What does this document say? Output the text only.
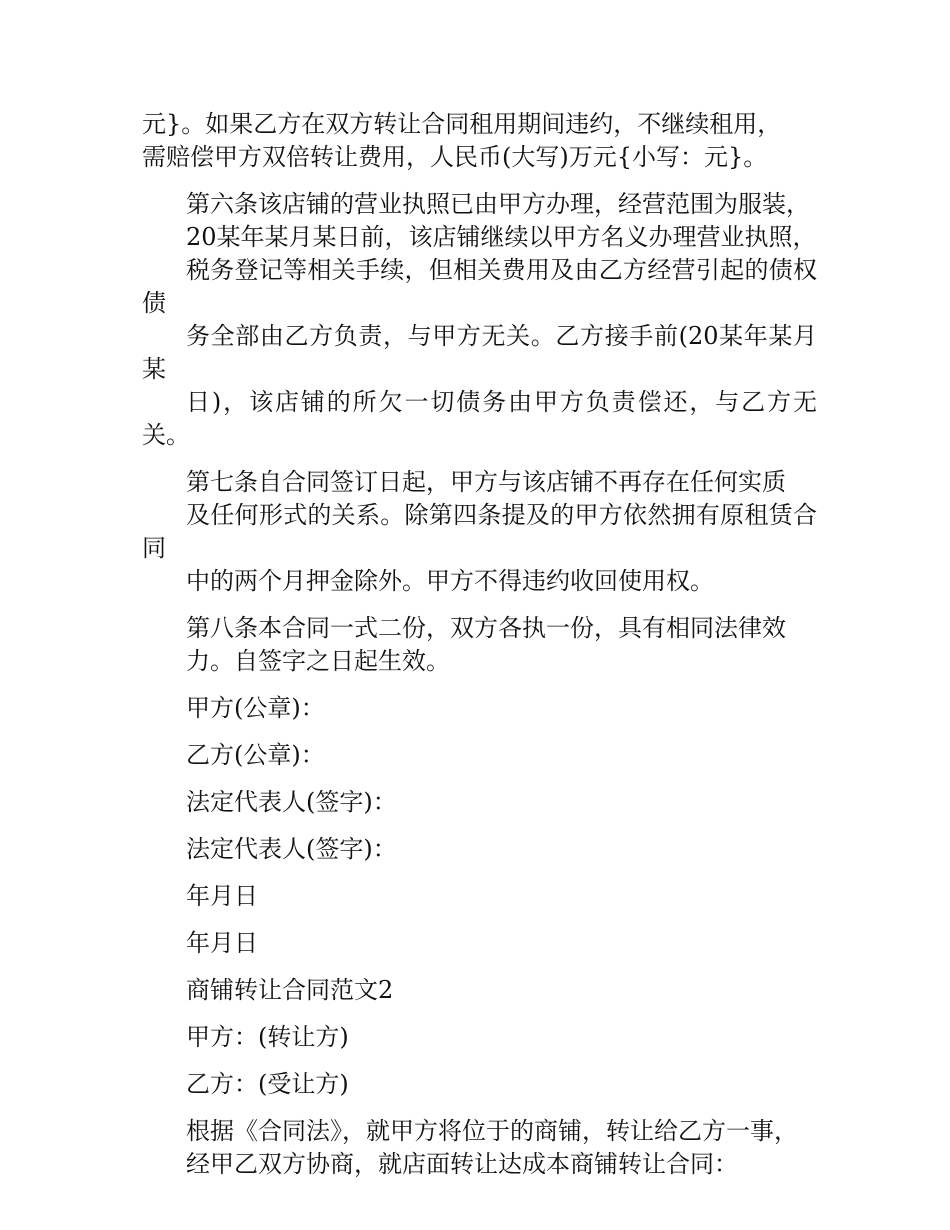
元}。如果乙方在双方转让合同租用期间违约，不继续租用，
需赔偿甲方双倍转让费用，人民币(大写)万元{小写：元}。

第六条该店铺的营业执照已由甲方办理，经营范围为服装，
20某年某月某日前，该店铺继续以甲方名义办理营业执照，
税务登记等相关手续，但相关费用及由乙方经营引起的债权债
务全部由乙方负责，与甲方无关。乙方接手前(20某年某月某
日)，该店铺的所欠一切债务由甲方负责偿还，与乙方无关。

第七条自合同签订日起，甲方与该店铺不再存在任何实质
及任何形式的关系。除第四条提及的甲方依然拥有原租赁合同
中的两个月押金除外。甲方不得违约收回使用权。

第八条本合同一式二份，双方各执一份，具有相同法律效
力。自签字之日起生效。

甲方(公章)：

乙方(公章)：

法定代表人(签字)：

法定代表人(签字)：

年月日

年月日

商铺转让合同范文2

甲方：(转让方)

乙方：(受让方)

根据《合同法》，就甲方将位于的商铺，转让给乙方一事，
经甲乙双方协商，就店面转让达成本商铺转让合同：
